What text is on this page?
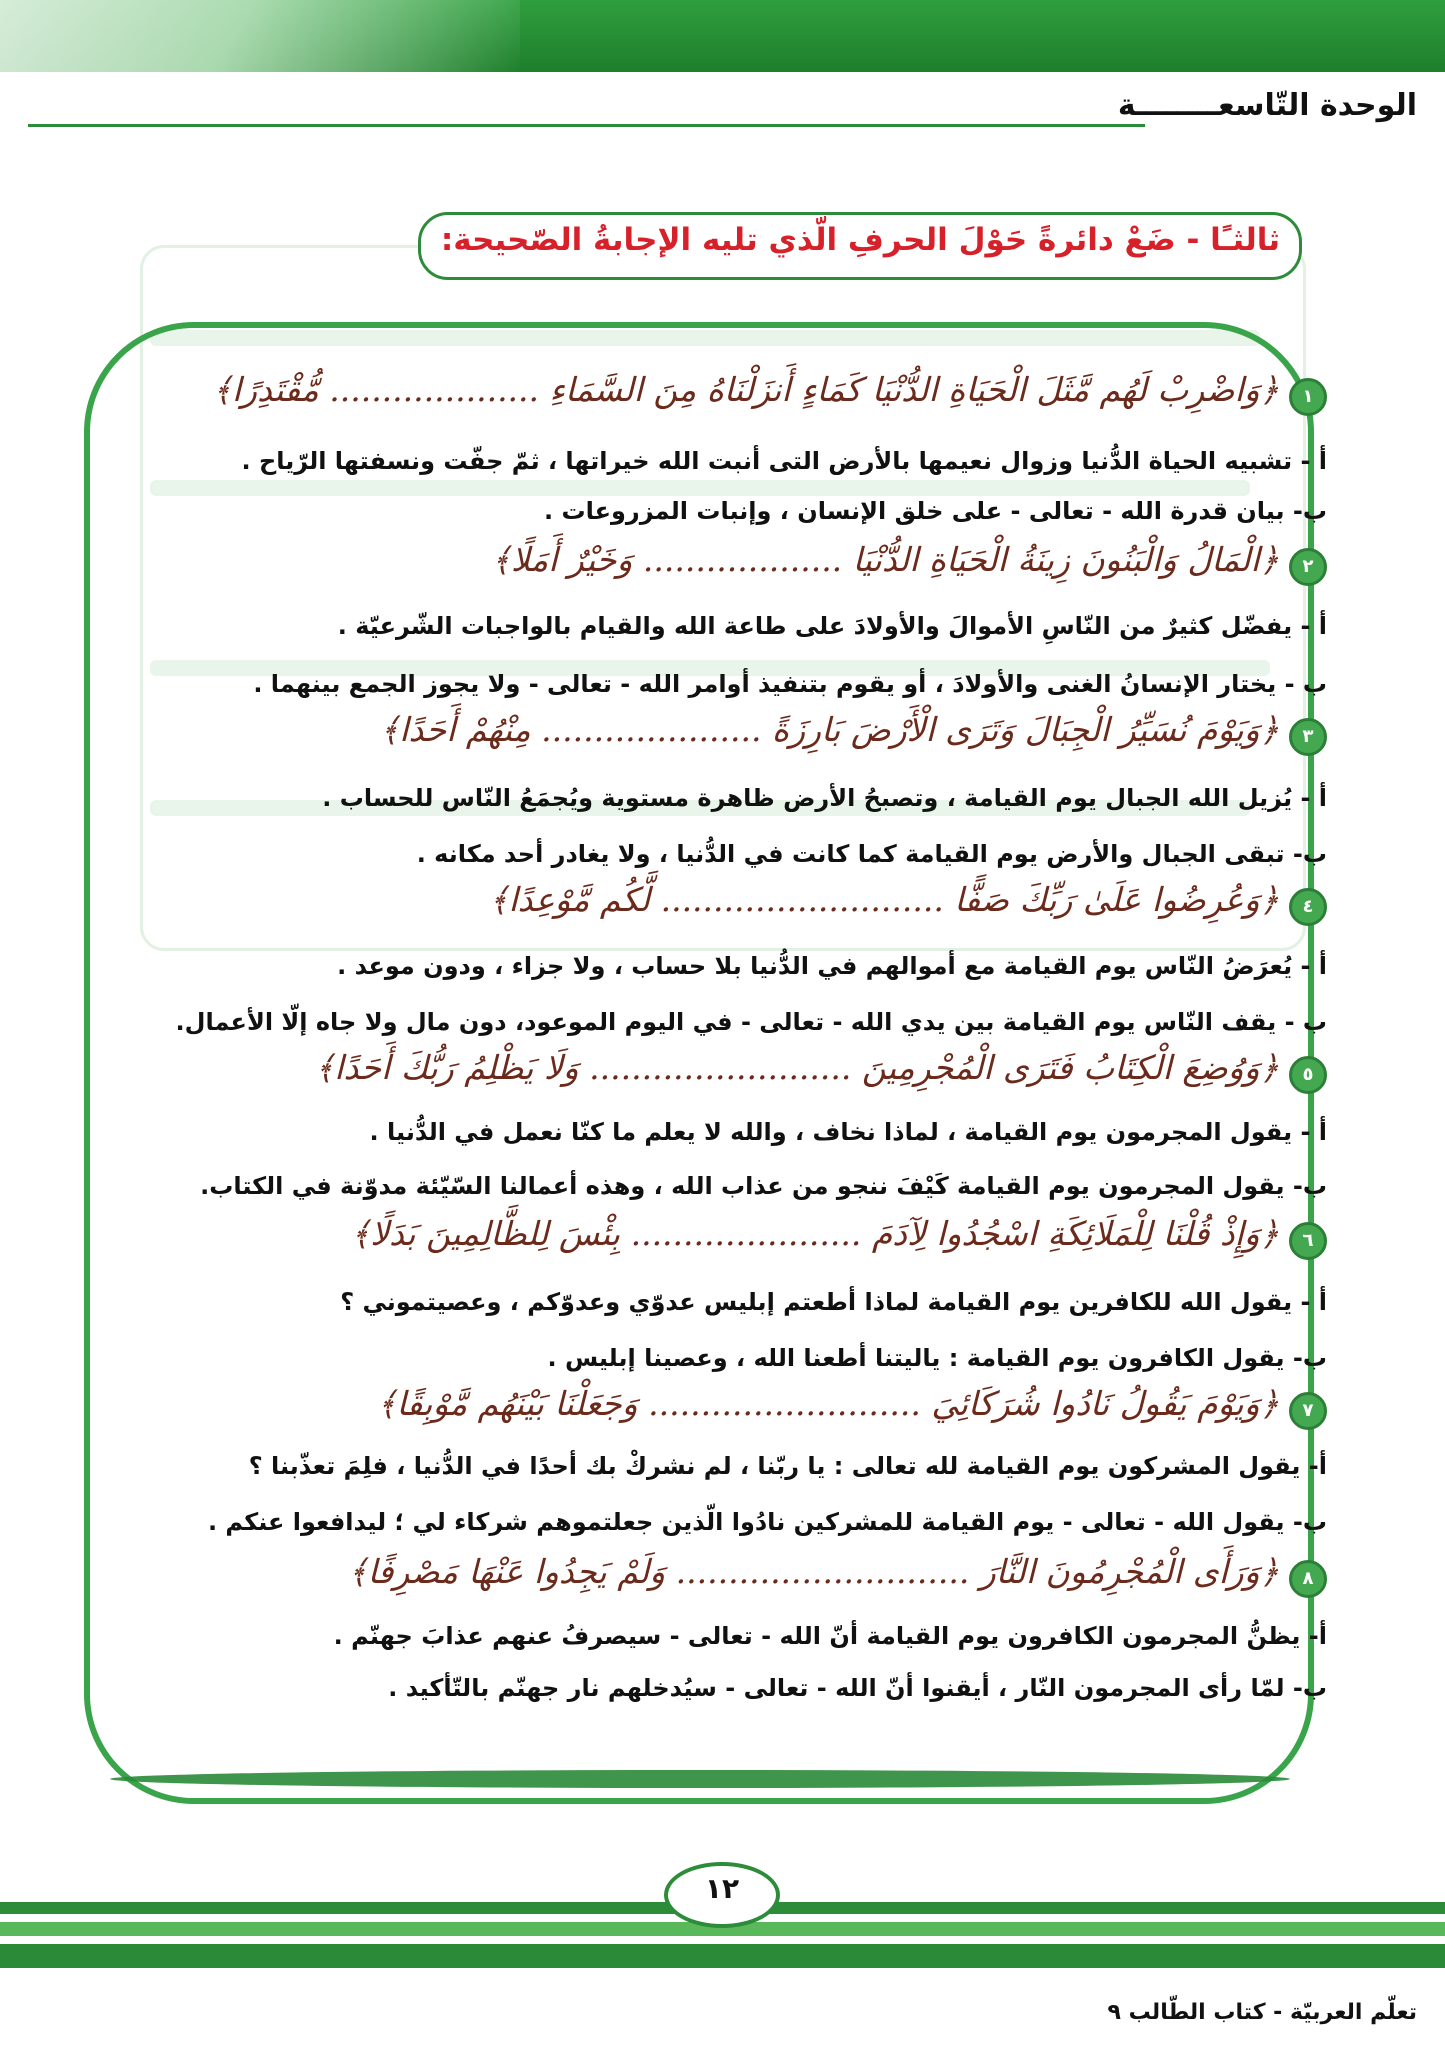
الوحدة التّاسعــــــــة
ثالثـًا - ضَعْ دائرةً حَوْلَ الحرفِ الّذي تليه الإجابةُ الصّحيحة:
١
﴿وَاضْرِبْ لَهُم مَّثَلَ الْحَيَاةِ الدُّنْيَا كَمَاءٍ أَنزَلْنَاهُ مِنَ السَّمَاءِ .................... مُّقْتَدِرًا﴾
أ - تشبيه الحياة الدُّنيا وزوال نعيمها بالأرض التى أنبت الله خيراتها ، ثمّ جفّت ونسفتها الرّياح .
ب- بيان قدرة الله - تعالى - على خلق الإنسان ، وإنبات المزروعات .
٢
﴿الْمَالُ وَالْبَنُونَ زِينَةُ الْحَيَاةِ الدُّنْيَا ................... وَخَيْرٌ أَمَلًا﴾
أ - يفضّل كثيرٌ من النّاسِ الأموالَ والأولادَ على طاعة الله والقيام بالواجبات الشّرعيّة .
ب - يختار الإنسانُ الغنى والأولادَ ، أو يقوم بتنفيذ أوامر الله - تعالى - ولا يجوز الجمع بينهما .
٣
﴿وَيَوْمَ نُسَيِّرُ الْجِبَالَ وَتَرَى الْأَرْضَ بَارِزَةً ..................... مِنْهُمْ أَحَدًا﴾
أ - يُزيل الله الجبال يوم القيامة ، وتصبحُ الأرض ظاهرة مستوية ويُجمَعُ النّاس للحساب .
ب- تبقى الجبال والأرض يوم القيامة كما كانت في الدُّنيا ، ولا يغادر أحد مكانه .
٤
﴿وَعُرِضُوا عَلَىٰ رَبِّكَ صَفًّا ........................... لَّكُم مَّوْعِدًا﴾
أ - يُعرَضُ النّاس يوم القيامة مع أموالهم في الدُّنيا بلا حساب ، ولا جزاء ، ودون موعد .
ب - يقف النّاس يوم القيامة بين يدي الله - تعالى - في اليوم الموعود، دون مال ولا جاه إلّا الأعمال.
٥
﴿وَوُضِعَ الْكِتَابُ فَتَرَى الْمُجْرِمِينَ ......................... وَلَا يَظْلِمُ رَبُّكَ أَحَدًا﴾
أ - يقول المجرمون يوم القيامة ، لماذا نخاف ، والله لا يعلم ما كنّا نعمل في الدُّنيا .
ب- يقول المجرمون يوم القيامة كَيْفَ ننجو من عذاب الله ، وهذه أعمالنا السّيّئة مدوّنة في الكتاب.
٦
﴿وَإِذْ قُلْنَا لِلْمَلَائِكَةِ اسْجُدُوا لِآدَمَ ...................... بِئْسَ لِلظَّالِمِينَ بَدَلًا﴾
أ - يقول الله للكافرين يوم القيامة لماذا أطعتم إبليس عدوّي وعدوّكم ، وعصيتموني ؟
ب- يقول الكافرون يوم القيامة : ياليتنا أطعنا الله ، وعصينا إبليس .
٧
﴿وَيَوْمَ يَقُولُ نَادُوا شُرَكَائِيَ .......................... وَجَعَلْنَا بَيْنَهُم مَّوْبِقًا﴾
أ- يقول المشركون يوم القيامة لله تعالى : يا ربّنا ، لم نشركْ بك أحدًا في الدُّنيا ، فلِمَ تعذّبنا ؟
ب- يقول الله - تعالى - يوم القيامة للمشركين نادُوا الّذين جعلتموهم شركاء لي ؛ ليدافعوا عنكم .
٨
﴿وَرَأَى الْمُجْرِمُونَ النَّارَ ............................ وَلَمْ يَجِدُوا عَنْهَا مَصْرِفًا﴾
أ- يظنُّ المجرمون الكافرون يوم القيامة أنّ الله - تعالى - سيصرفُ عنهم عذابَ جهنّم .
ب- لمّا رأى المجرمون النّار ، أيقنوا أنّ الله - تعالى - سيُدخلهم نار جهنّم بالتّأكيد .
١٢
تعلّم العربيّة - كتاب الطّالب ٩
